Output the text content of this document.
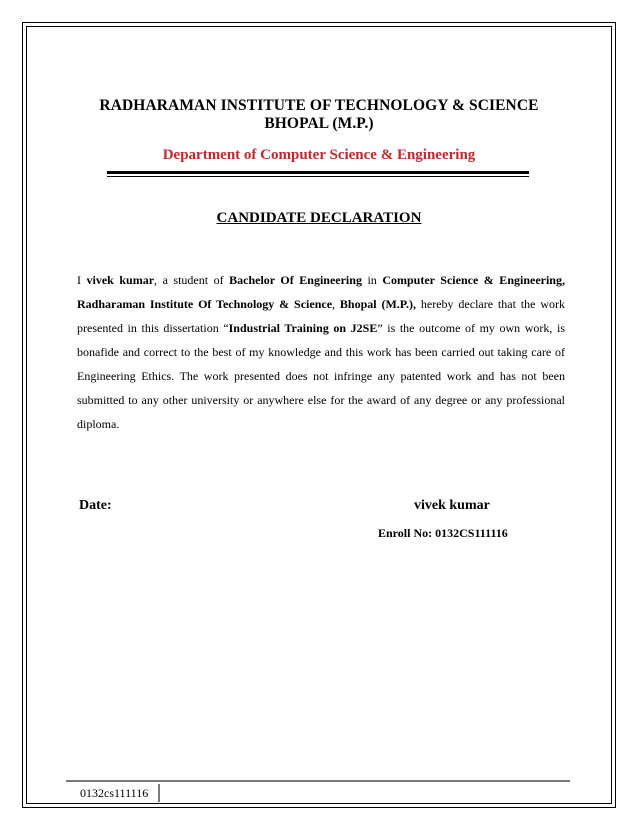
RADHARAMAN INSTITUTE OF TECHNOLOGY & SCIENCE
BHOPAL (M.P.)
Department of Computer Science & Engineering
CANDIDATE DECLARATION
I vivek kumar, a student of Bachelor Of Engineering in Computer Science & Engineering, Radharaman Institute Of Technology & Science, Bhopal (M.P.), hereby declare that the work presented in this dissertation “Industrial Training on J2SE” is the outcome of my own work, is bonafide and correct to the best of my knowledge and this work has been carried out taking care of Engineering Ethics. The work presented does not infringe any patented work and has not been submitted to any other university or anywhere else for the award of any degree or any professional diploma.
Date:	vivek kumar
Enroll No: 0132CS111116
0132cs111116
